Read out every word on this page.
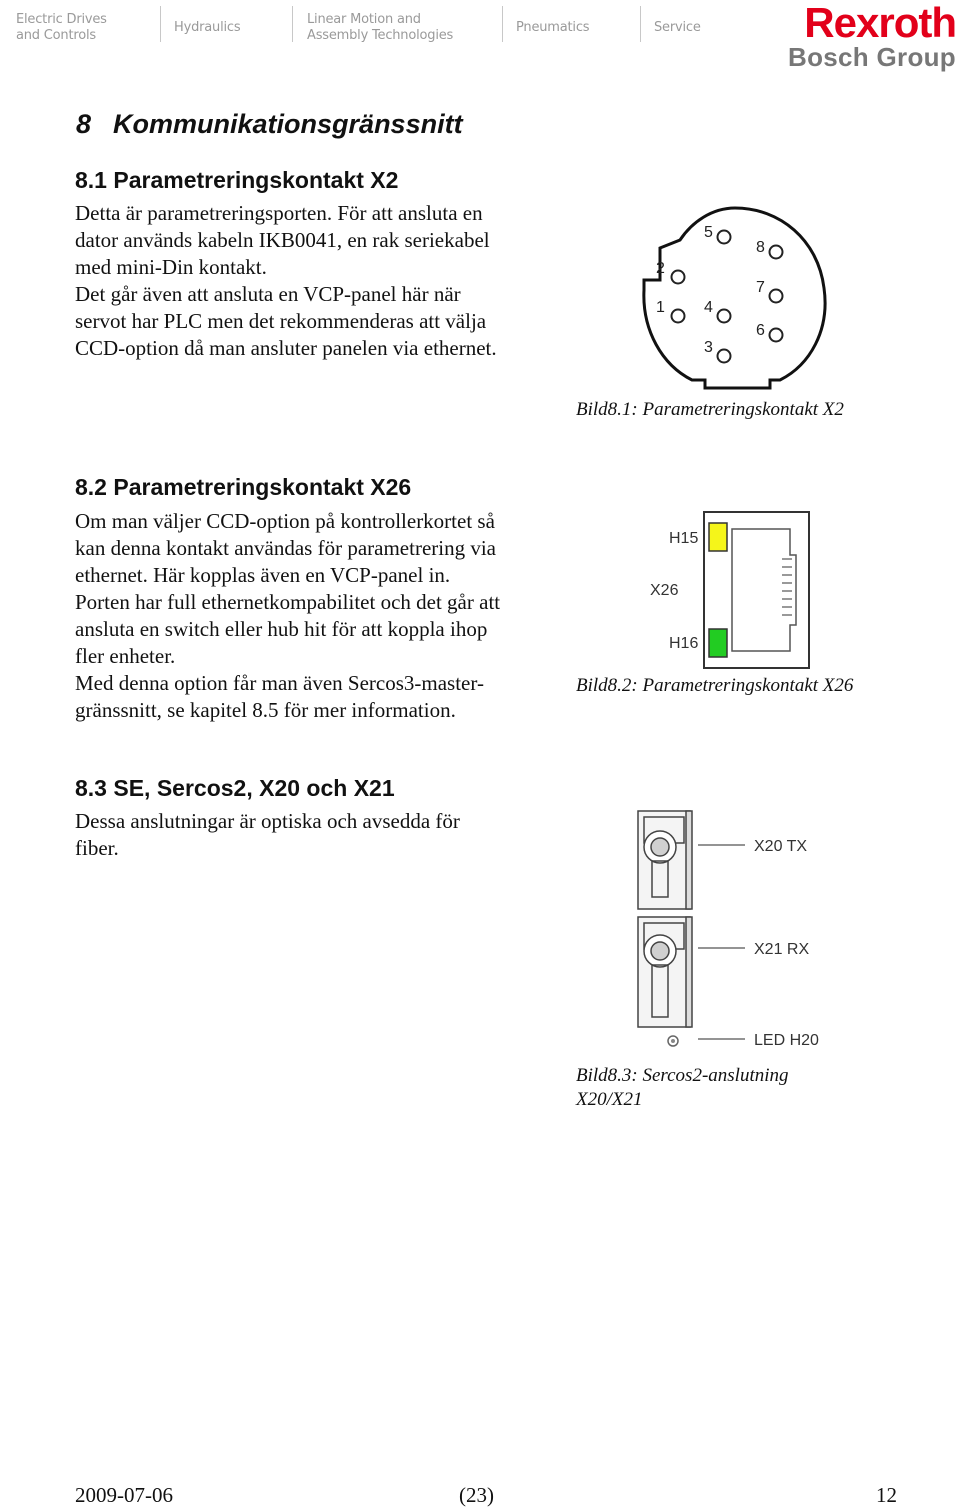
Electric Drives
and Controls
Hydraulics
Linear Motion and
Assembly Technologies
Pneumatics	Service Rexroth
Bosch Group
8 Kommunikationsgränssnitt
8.1 Parametreringskontakt X2
Detta är parametreringsporten. För att ansluta en
dator används kabeln IKB0041, en rak seriekabel
med mini-Din kontakt.
Det går även att ansluta en VCP-panel här när
servot har PLC men det rekommenderas att välja
CCD-option då man ansluter panelen via ethernet.
5
8
2
7
1 4
6
3
Bild8.1: Parametreringskontakt X2
8.2 Parametreringskontakt X26
Om man väljer CCD-option på kontrollerkortet så
kan denna kontakt användas för parametrering via
ethernet. Här kopplas även en VCP-panel in.
Porten har full ethernetkompabilitet och det går att
ansluta en switch eller hub hit för att koppla ihop
fler enheter.
Med denna option får man även Sercos3-master-
gränssnitt, se kapitel 8.5 för mer information.
H15
X26
H16
Bild8.2: Parametreringskontakt X26
8.3 SE, Sercos2, X20 och X21
Dessa anslutningar är optiska och avsedda för
fiber.	X20 TX
X21 RX
LED H20
Bild8.3: Sercos2-anslutning
X20/X21
2009-07-06	(23)	12
